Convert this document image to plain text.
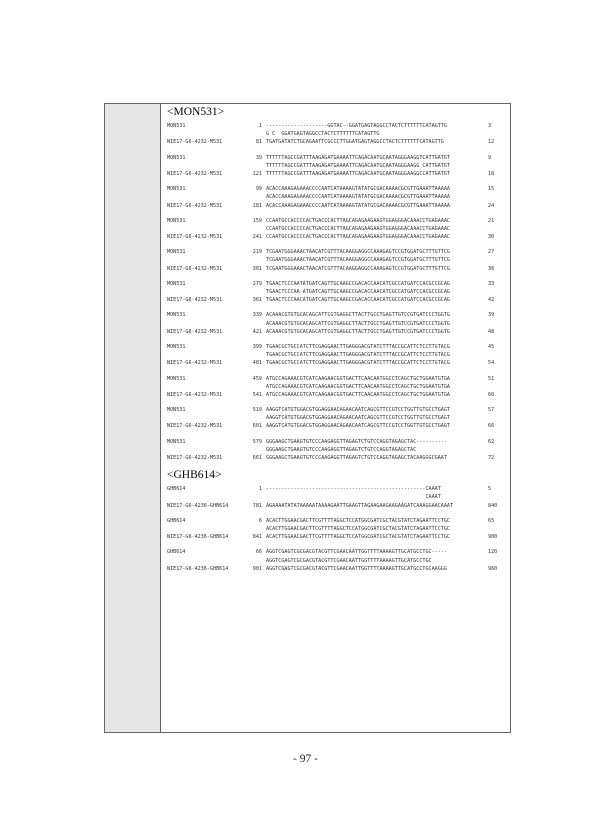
<MON531>
MON531	1 --------------------GGTAC--GGATGAGTAGGCCTACTCTTTTTTCATAGTTG	3
G C  GGATGAGTAGGCCTACTCTTTTTTCATAGTTG
NIE17-G6-4232-M531	81 TGATGATATCTGCAGAATTCGCCCTTGGATGAGTAGGCCTACTCTTTTTTCATAGTTG	12
MON531	39 TTTTTTAGCCGATTTAAGAGATGAAAATTCAGACAATGCAATAGGGAAGGTCATTGATGT	9
TTTTTTAGCCGATTTAAGAGATGAAAATTCAGACAATGCAATAGGGAAGG CATTGATGT
NIE17-G6-4232-M531	121 TTTTTTAGCCGATTTAAGAGATGAAAATTCAGACAATGCAATAGGGAAGGCCATTGATGT	18
MON531	99 ACACCAAAGAGAAACCCCAATCATAAAAGTATATGCGACAAAACGCGTTGAAATTAAAAA	15
ACACCAAAGAGAAACCCCAATCATAAAAGTATATGCGACAAAACGCGTTGAAATTAAAAA
NIE17-G6-4232-M531	181 ACACCAAAGAGAAACCCCAATCATAAAAGTATATGCGACAAAACGCGTTGAAATTAAAAA	24
MON531	159 CCAATGCCACCCCACTGACCCACTTAGCAGAGAAGAAGTGGAGGGACAAACCTGAGAAAC	21
CCAATGCCACCCCACTGACCCACTTAGCAGAGAAGAAGTGGAGGGACAAACCTGAGAAAC
NIE17-G6-4232-M531	241 CCAATGCCACCCCACTGACCCACTTAGCAGAGAAGAAGTGGAGGGACAAACCTGAGAAAC	30
MON531	219 TCGAATGGGAAACTAACATCGTTTACAAGGAGGCCAAAGAGTCCGTGGATGCTTTGTTCG	27
TCGAATGGGAAACTAACATCGTTTACAAGGAGGCCAAAGAGTCCGTGGATGCTTTGTTCG
NIE17-G6-4232-M531	301 TCGAATGGGAAACTAACATCGTTTACAAGGAGGCCAAAGAGTCCGTGGATGCTTTGTTCG	36
MON531	279 TGAACTCCCAATATGATCAGTTGCAAGCCGACACCAACATCGCCATGATCCACGCCGCAG	33
TGAACTCCCAA ATGATCAGTTGCAAGCCGACACCAACATCGCCATGATCCACGCCGCAG
NIE17-G6-4232-M531	361 TGAACTCCCAACATGATCAGTTGCAAGCCGACACCAACATCGCCATGATCCACGCCGCAG	42
MON531	339 ACAAACGTGTGCACAGCATTCGTGAGGCTTACTTGCCTGAGTTGTCCGTGATCCCTGGTG	39
ACAAACGTGTGCACAGCATTCGTGAGGCTTACTTGCCTGAGTTGTCCGTGATCCCTGGTG
NIE17-G6-4232-M531	421 ACAAACGTGTGCACAGCATTCGTGAGGCTTACTTGCCTGAGTTGTCCGTGATCCCTGGTG	48
MON531	399 TGAACGCTGCCATCTTCGAGGAACTTGAGGGACGTATCTTTACCGCATTCTCCTTGTACG	45
TGAACGCTGCCATCTTCGAGGAACTTGAGGGACGTATCTTTACCGCATTCTCCTTGTACG
NIE17-G6-4232-M531	481 TGAACGCTGCCATCTTCGAGGAACTTGAGGGACGTATCTTTACCGCATTCTCCTTGTACG	54
MON531	459 ATGCCAGAAACGTCATCAAGAACGGTGACTTCAACAATGGCCTCAGCTGCTGGAATGTGA	51
ATGCCAGAAACGTCATCAAGAACGGTGACTTCAACAATGGCCTCAGCTGCTGGAATGTGA
NIE17-G6-4232-M531	541 ATGCCAGAAACGTCATCAAGAACGGTGACTTCAACAATGGCCTCAGCTGCTGGAATGTGA	60
MON531	519 AAGGTCATGTGGACGTGGAGGAACAGAACAATCAGCGTTCCGTCCTGGTTGTGCCTGAGT	57
AAGGTCATGTGGACGTGGAGGAACAGAACAATCAGCGTTCCGTCCTGGTTGTGCCTGAGT
NIE17-G6-4232-M531	601 AAGGTCATGTGGACGTGGAGGAACAGAACAATCAGCGTTCCGTCCTGGTTGTGCCTGAGT	66
MON531	579 GGGAAGCTGAAGTGTCCCAAGAGGTTAGAGTCTGTCCAGGTAGAGCTAC----------	62
GGGAAGCTGAAGTGTCCCAAGAGGTTAGAGTCTGTCCAGGTAGAGCTAC
NIE17-G6-4232-M531	661 GGGAAGCTGAAGTGTCCCAAGAGGTTAGAGTCTGTCCAGGTAGAGCTACAAGGGCGAAT	72
<GHB614>
GHB614	1 ----------------------------------------------------CAAAT	5
CAAAT
NIE17-G6-4236-GHB614	781 AGAAAATATATAAAAATAAAAGAATTGAAGTTAGAAGAAGAAGAAGATCAAAGGAACAAAT	840
GHB614	6 ACACTTGGAACGACTTCGTTTTAGGCTCCATGGCGATCGCTACGTATCTAGAATTCCTGC	65
ACACTTGGAACGACTTCGTTTTAGGCTCCATGGCGATCGCTACGTATCTAGAATTCCTGC
NIE17-G6-4236-GHB614	841 ACACTTGGAACGACTTCGTTTTAGGCTCCATGGCGATCGCTACGTATCTAGAATTCCTGC	900
GHB614	66 AGGTCGAGTCGCGACGTACGTTCGAACAATTGGTTTTAAAAGTTGCATGCCTGC-----	120
AGGTCGAGTCGCGACGTACGTTCGAACAATTGGTTTTAAAAGTTGCATGCCTGC
NIE17-G6-4236-GHB614	901 AGGTCGAGTCGCGACGTACGTTCGAACAATTGGTTTTAAAAGTTGCATGCCTGCAAGGG	960
- 97 -
